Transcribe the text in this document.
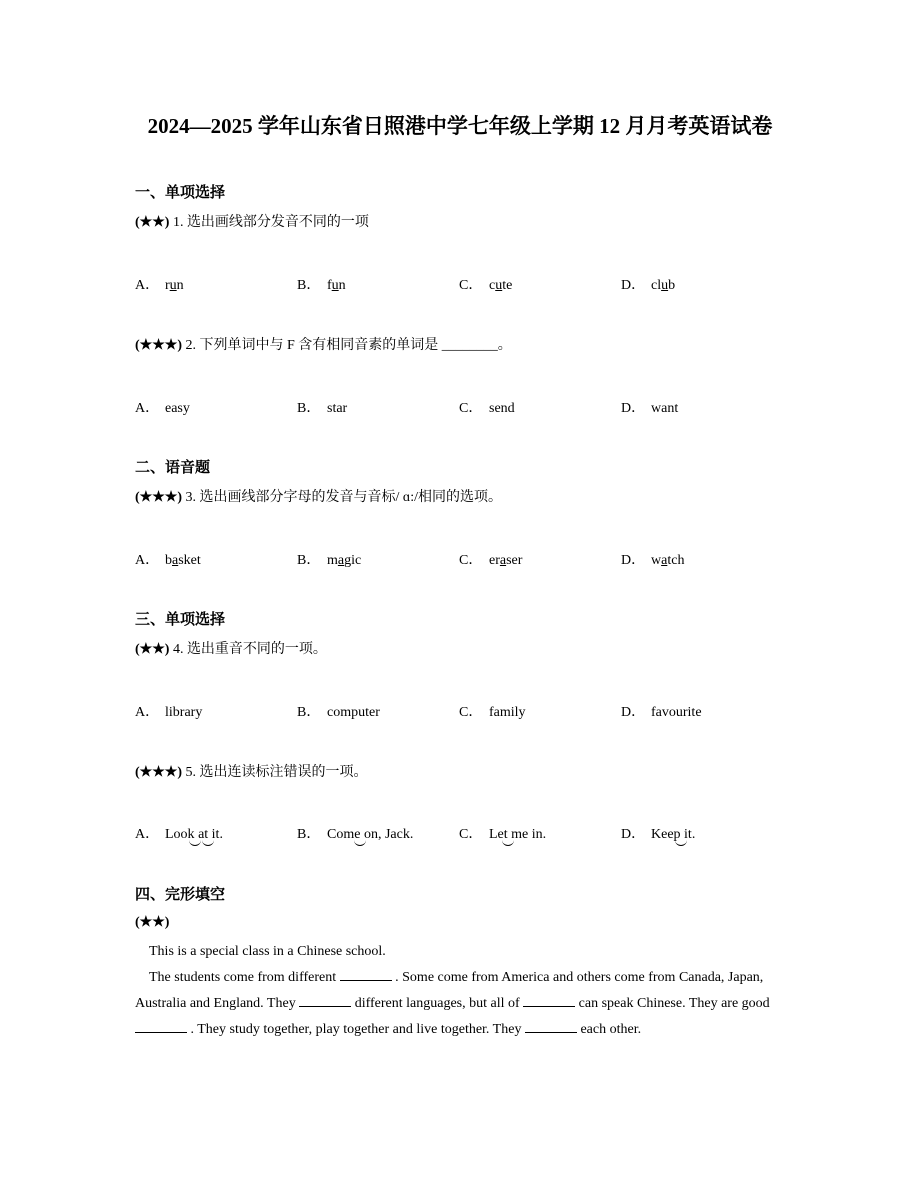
2024—2025 学年山东省日照港中学七年级上学期 12 月月考英语试卷
一、单项选择
(★★) 1. 选出画线部分发音不同的一项
A． run	B． fun	C． cute	D． club
(★★★) 2. 下列单词中与 F 含有相同音素的单词是 ________。
A． easy	B． star	C． send	D． want
二、语音题
(★★★) 3. 选出画线部分字母的发音与音标/ ɑ:/相同的选项。
A． basket	B． magic	C． eraser	D． watch
三、单项选择
(★★) 4. 选出重音不同的一项。
A． library	B． computer	C． family	D． favourite
(★★★) 5. 选出连读标注错误的一项。
A． Look at it.	B． Come on, Jack.	C． Let me in.	D． Keep it.
四、完形填空
(★★)

This is a special class in a Chinese school.

The students come from different	. Some come from America and others come from Canada, Japan, Australia and England. They	different languages, but all of	can speak Chinese. They are good  . They study together, play together and live together. They	each other.
